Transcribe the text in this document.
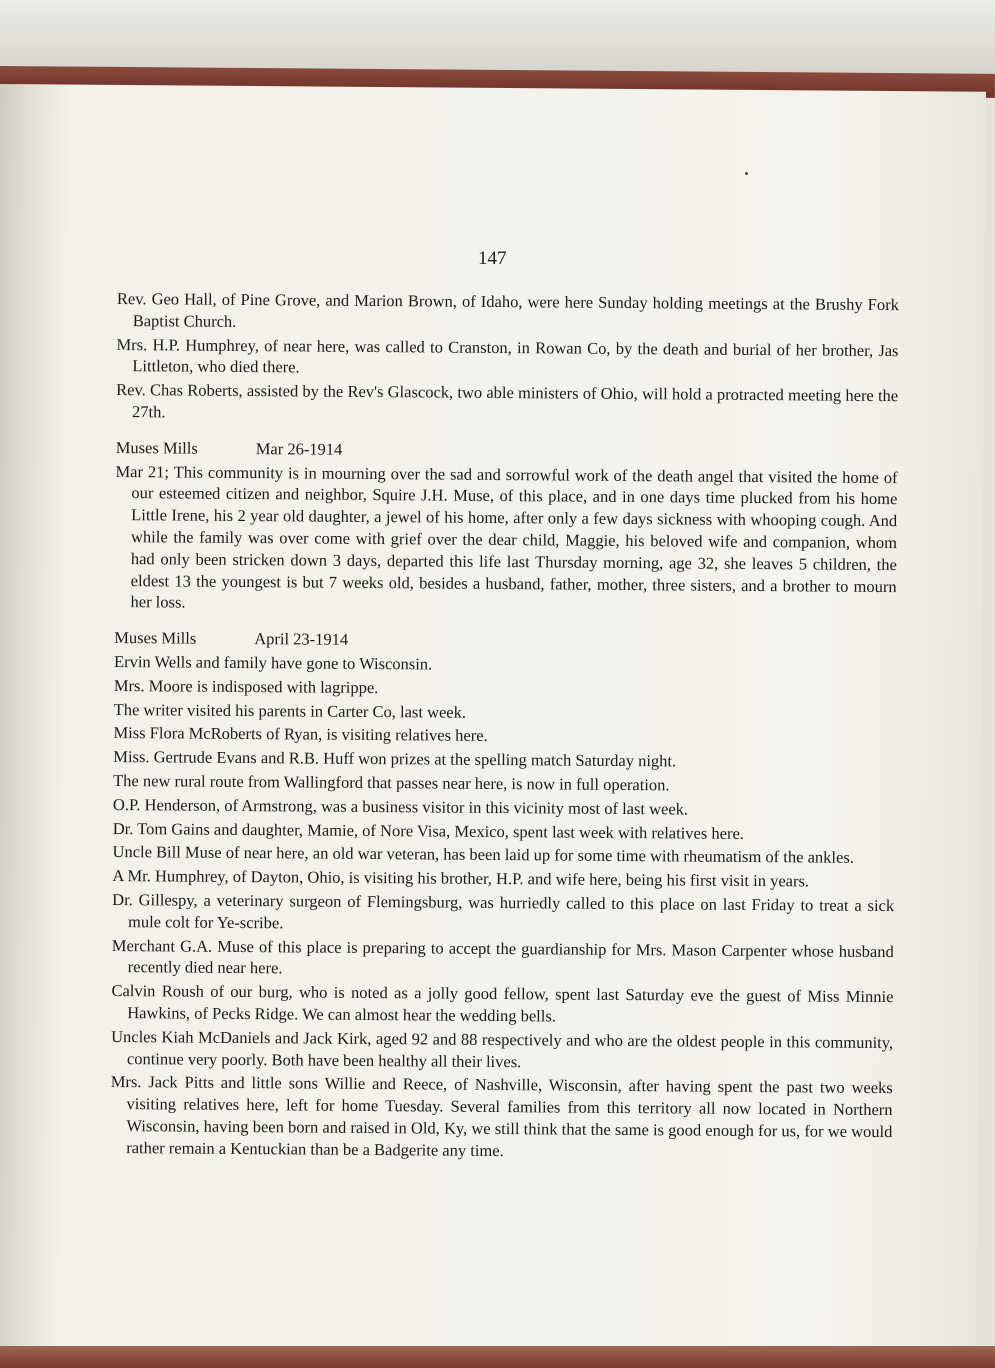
147

Rev. Geo Hall, of Pine Grove, and Marion Brown, of Idaho, were here Sunday holding meetings at the Brushy Fork Baptist Church.

Mrs. H.P. Humphrey, of near here, was called to Cranston, in Rowan Co, by the death and burial of her brother, Jas Littleton, who died there.

Rev. Chas Roberts, assisted by the Rev's Glascock, two able ministers of Ohio, will hold a protracted meeting here the 27th.

Muses Mills	Mar 26-1914

Mar 21; This community is in mourning over the sad and sorrowful work of the death angel that visited the home of our esteemed citizen and neighbor, Squire J.H. Muse, of this place, and in one days time plucked from his home Little Irene, his 2 year old daughter, a jewel of his home, after only a few days sickness with whooping cough. And while the family was over come with grief over the dear child, Maggie, his beloved wife and companion, whom had only been stricken down 3 days, departed this life last Thursday morning, age 32, she leaves 5 children, the eldest 13 the youngest is but 7 weeks old, besides a husband, father, mother, three sisters, and a brother to mourn her loss.

Muses Mills	April 23-1914

Ervin Wells and family have gone to Wisconsin.

Mrs. Moore is indisposed with lagrippe.

The writer visited his parents in Carter Co, last week.

Miss Flora McRoberts of Ryan, is visiting relatives here.

Miss. Gertrude Evans and R.B. Huff won prizes at the spelling match Saturday night.

The new rural route from Wallingford that passes near here, is now in full operation.

O.P. Henderson, of Armstrong, was a business visitor in this vicinity most of last week.

Dr. Tom Gains and daughter, Mamie, of Nore Visa, Mexico, spent last week with relatives here.

Uncle Bill Muse of near here, an old war veteran, has been laid up for some time with rheumatism of the ankles.

A Mr. Humphrey, of Dayton, Ohio, is visiting his brother, H.P. and wife here, being his first visit in years.

Dr. Gillespy, a veterinary surgeon of Flemingsburg, was hurriedly called to this place on last Friday to treat a sick mule colt for Ye-scribe.

Merchant G.A. Muse of this place is preparing to accept the guardianship for Mrs. Mason Carpenter whose husband recently died near here.

Calvin Roush of our burg, who is noted as a jolly good fellow, spent last Saturday eve the guest of Miss Minnie Hawkins, of Pecks Ridge. We can almost hear the wedding bells.

Uncles Kiah McDaniels and Jack Kirk, aged 92 and 88 respectively and who are the oldest people in this community, continue very poorly. Both have been healthy all their lives.

Mrs. Jack Pitts and little sons Willie and Reece, of Nashville, Wisconsin, after having spent the past two weeks visiting relatives here, left for home Tuesday. Several families from this territory all now located in Northern Wisconsin, having been born and raised in Old, Ky, we still think that the same is good enough for us, for we would rather remain a Kentuckian than be a Badgerite any time.
